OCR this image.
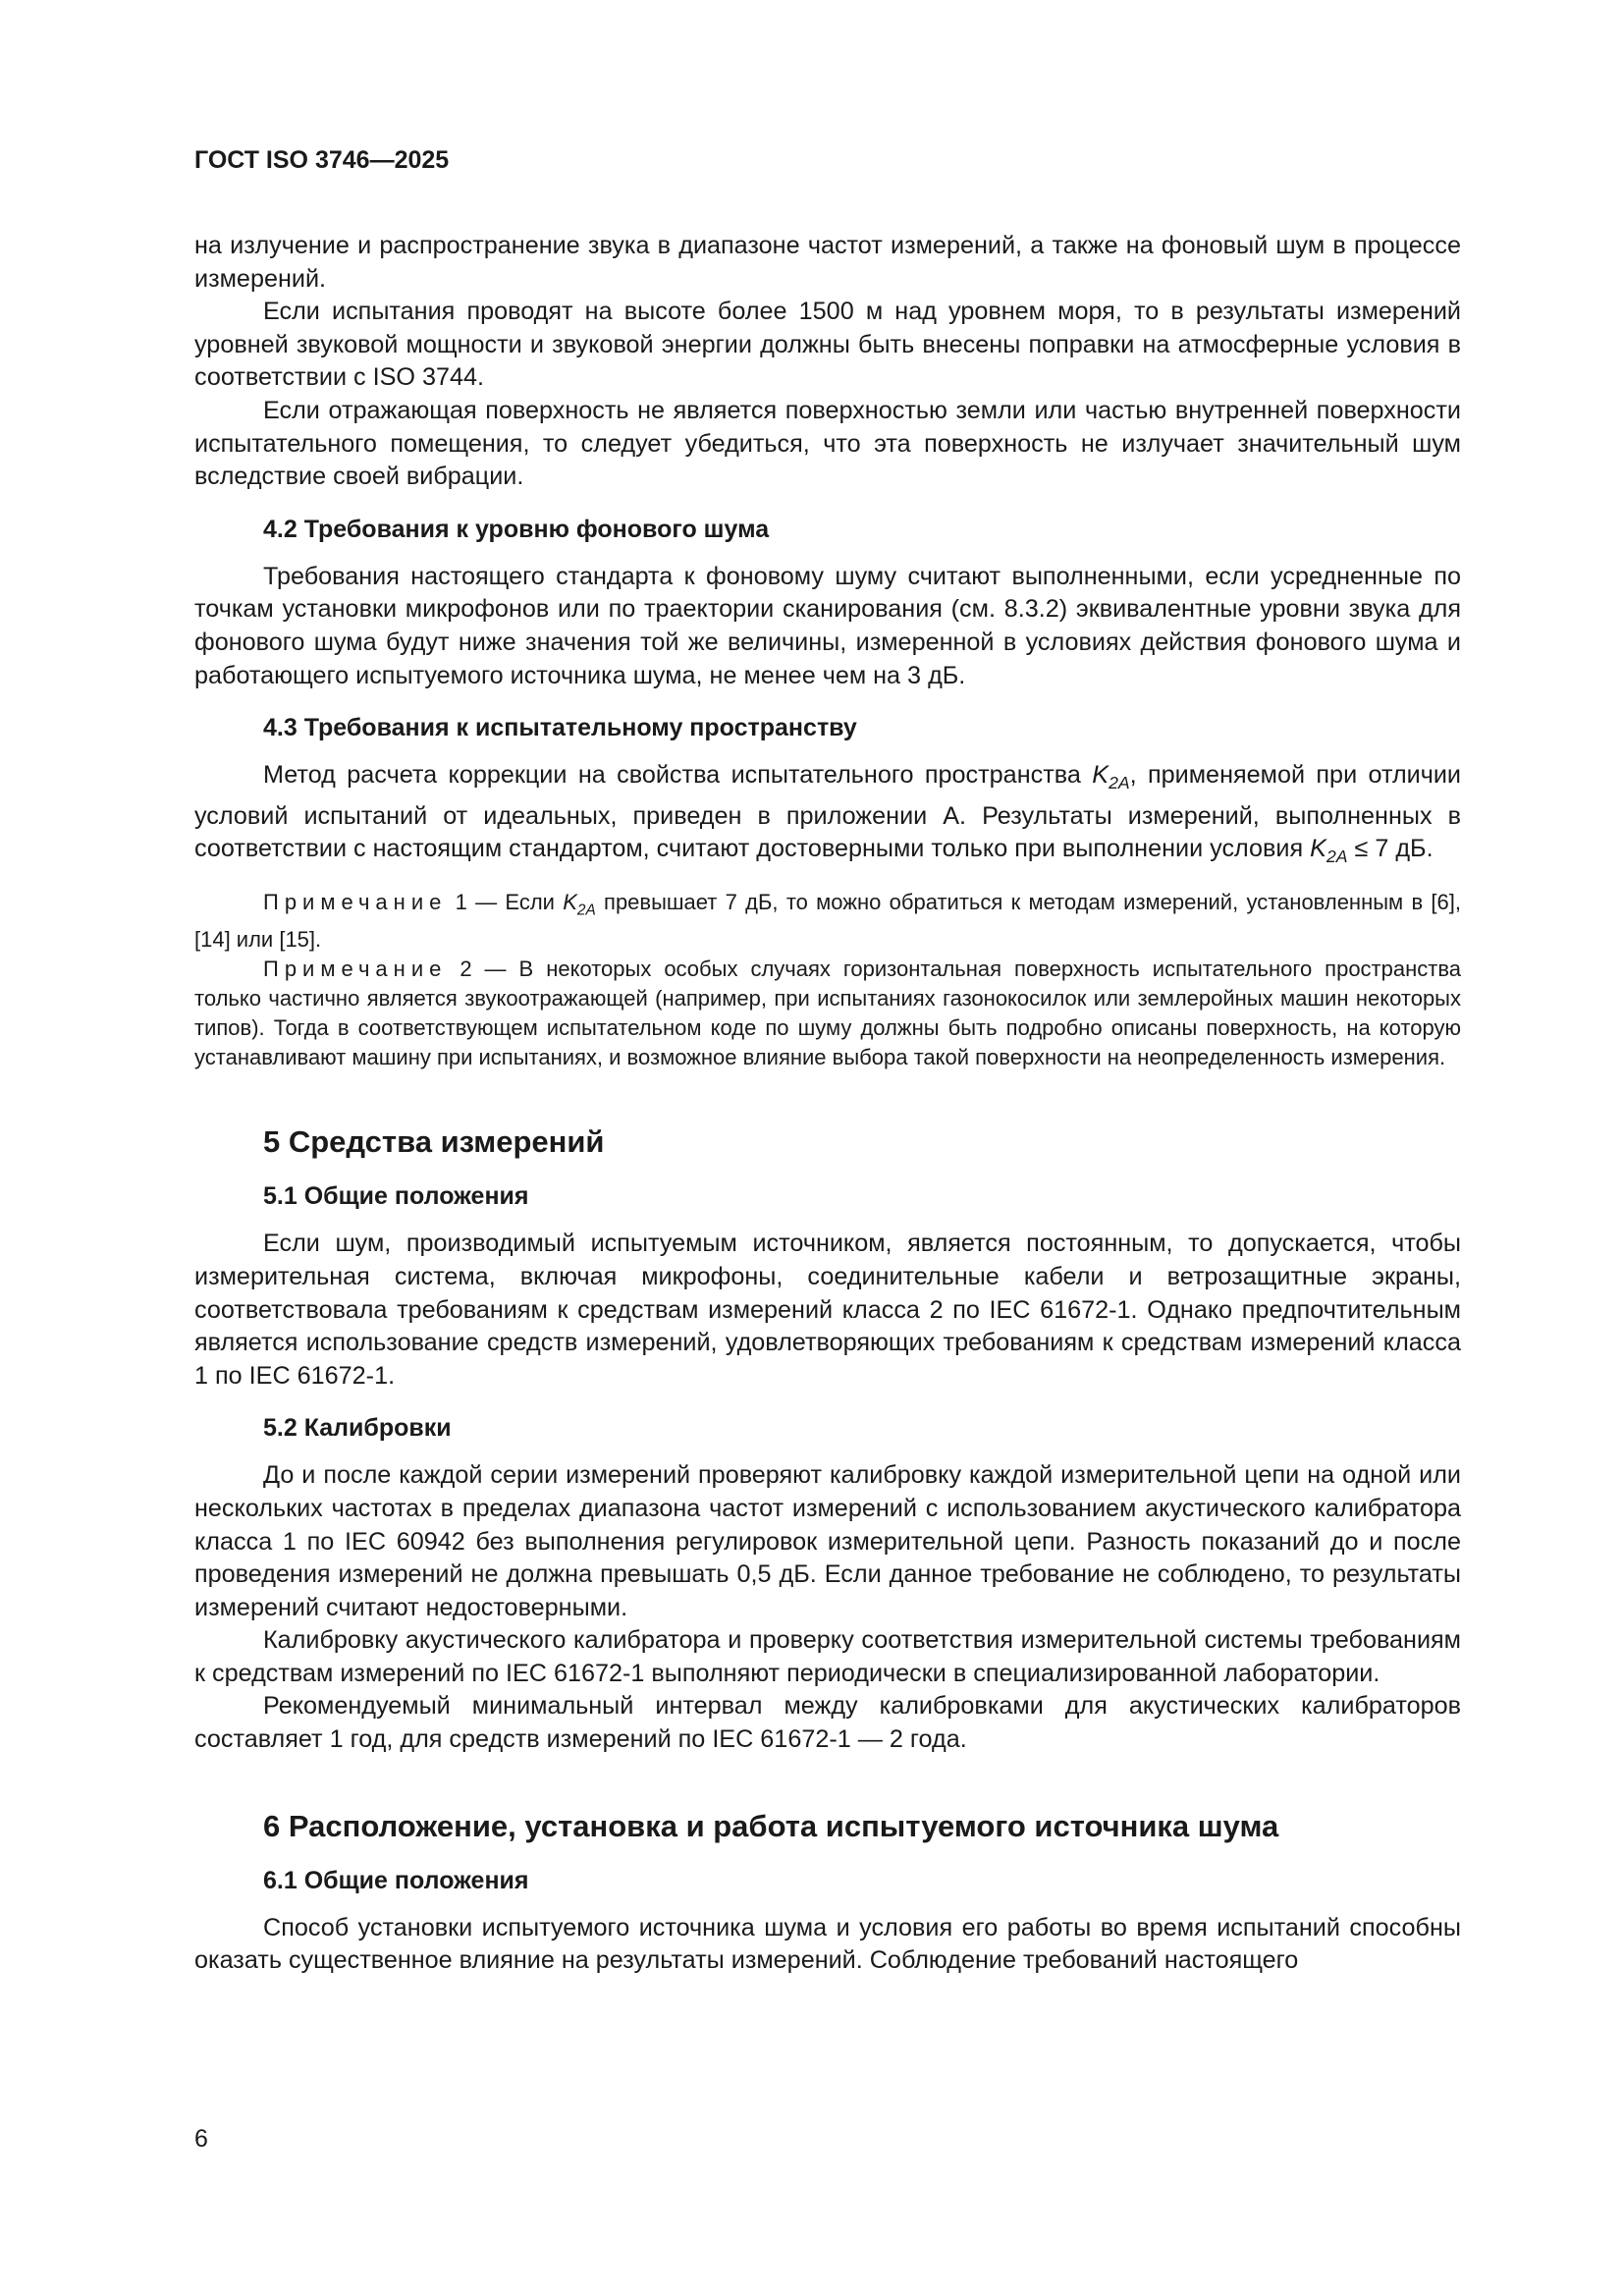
ГОСТ ISO 3746—2025

на излучение и распространение звука в диапазоне частот измерений, а также на фоновый шум в процессе измерений.

Если испытания проводят на высоте более 1500 м над уровнем моря, то в результаты измерений уровней звуковой мощности и звуковой энергии должны быть внесены поправки на атмосферные условия в соответствии с ISO 3744.

Если отражающая поверхность не является поверхностью земли или частью внутренней поверхности испытательного помещения, то следует убедиться, что эта поверхность не излучает значительный шум вследствие своей вибрации.

4.2 Требования к уровню фонового шума

Требования настоящего стандарта к фоновому шуму считают выполненными, если усредненные по точкам установки микрофонов или по траектории сканирования (см. 8.3.2) эквивалентные уровни звука для фонового шума будут ниже значения той же величины, измеренной в условиях действия фонового шума и работающего испытуемого источника шума, не менее чем на 3 дБ.

4.3 Требования к испытательному пространству

Метод расчета коррекции на свойства испытательного пространства $K_{2A}$, применяемой при отличии условий испытаний от идеальных, приведен в приложении А. Результаты измерений, выполненных в соответствии с настоящим стандартом, считают достоверными только при выполнении условия $K_{2A} \le 7$ дБ.

Примечание 1 — Если $K_{2A}$ превышает 7 дБ, то можно обратиться к методам измерений, установленным в [6], [14] или [15].

Примечание 2 — В некоторых особых случаях горизонтальная поверхность испытательного пространства только частично является звукоотражающей (например, при испытаниях газонокосилок или землеройных машин некоторых типов). Тогда в соответствующем испытательном коде по шуму должны быть подробно описаны поверхность, на которую устанавливают машину при испытаниях, и возможное влияние выбора такой поверхности на неопределенность измерения.

5 Средства измерений
5.1 Общие положения

Если шум, производимый испытуемым источником, является постоянным, то допускается, чтобы измерительная система, включая микрофоны, соединительные кабели и ветрозащитные экраны, соответствовала требованиям к средствам измерений класса 2 по IEC 61672-1. Однако предпочтительным является использование средств измерений, удовлетворяющих требованиям к средствам измерений класса 1 по IEC 61672-1.

5.2 Калибровки

До и после каждой серии измерений проверяют калибровку каждой измерительной цепи на одной или нескольких частотах в пределах диапазона частот измерений с использованием акустического калибратора класса 1 по IEC 60942 без выполнения регулировок измерительной цепи. Разность показаний до и после проведения измерений не должна превышать 0,5 дБ. Если данное требование не соблюдено, то результаты измерений считают недостоверными.

Калибровку акустического калибратора и проверку соответствия измерительной системы требованиям к средствам измерений по IEC 61672-1 выполняют периодически в специализированной лаборатории.

Рекомендуемый минимальный интервал между калибровками для акустических калибраторов составляет 1 год, для средств измерений по IEC 61672-1 — 2 года.

6 Расположение, установка и работа испытуемого источника шума
6.1 Общие положения

Способ установки испытуемого источника шума и условия его работы во время испытаний способны оказать существенное влияние на результаты измерений. Соблюдение требований настоящего

6
